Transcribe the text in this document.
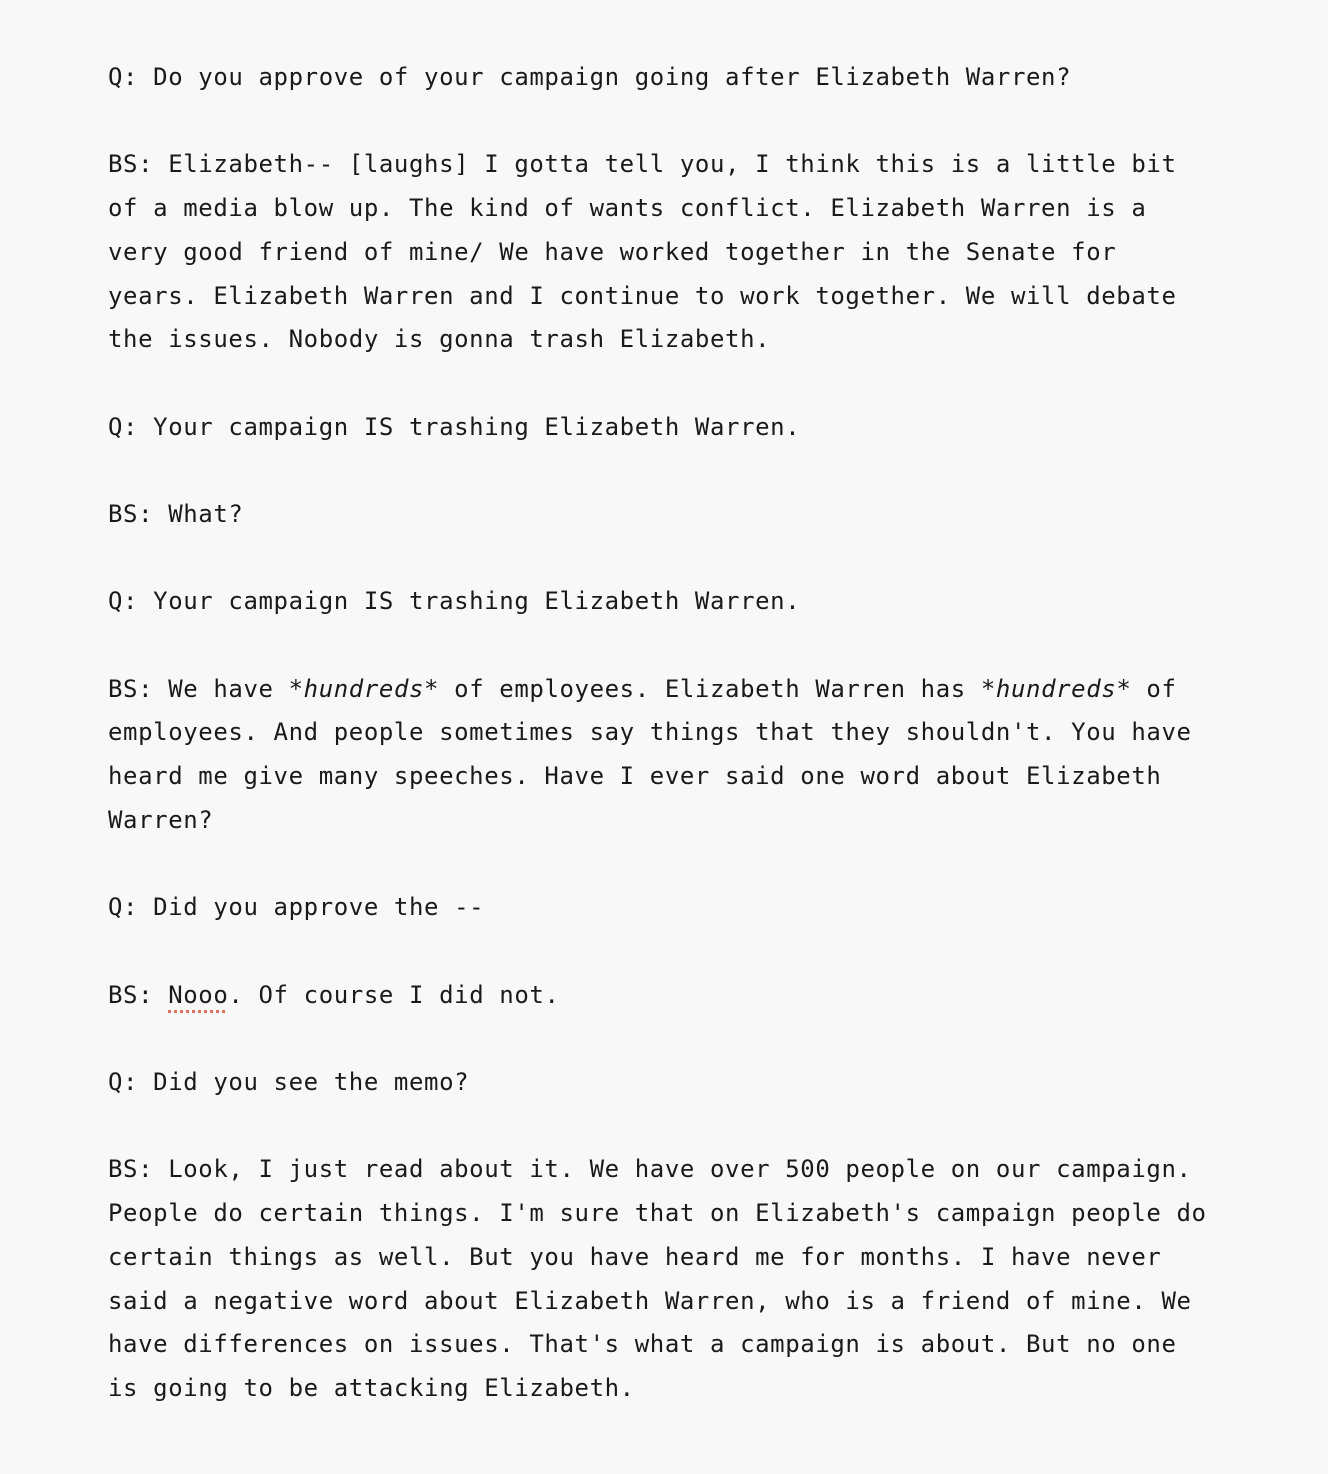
Q: Do you approve of your campaign going after Elizabeth Warren?

BS: Elizabeth-- [laughs] I gotta tell you, I think this is a little bit of a media blow up. The kind of wants conflict. Elizabeth Warren is a very good friend of mine/ We have worked together in the Senate for years. Elizabeth Warren and I continue to work together. We will debate the issues. Nobody is gonna trash Elizabeth.

Q: Your campaign IS trashing Elizabeth Warren.

BS: What?

Q: Your campaign IS trashing Elizabeth Warren.

BS: We have *hundreds* of employees. Elizabeth Warren has *hundreds* of employees. And people sometimes say things that they shouldn't. You have heard me give many speeches. Have I ever said one word about Elizabeth Warren?

Q: Did you approve the --

BS: Nooo. Of course I did not.

Q: Did you see the memo?

BS: Look, I just read about it. We have over 500 people on our campaign. People do certain things. I'm sure that on Elizabeth's campaign people do certain things as well. But you have heard me for months. I have never said a negative word about Elizabeth Warren, who is a friend of mine. We have differences on issues. That's what a campaign is about. But no one is going to be attacking Elizabeth.
